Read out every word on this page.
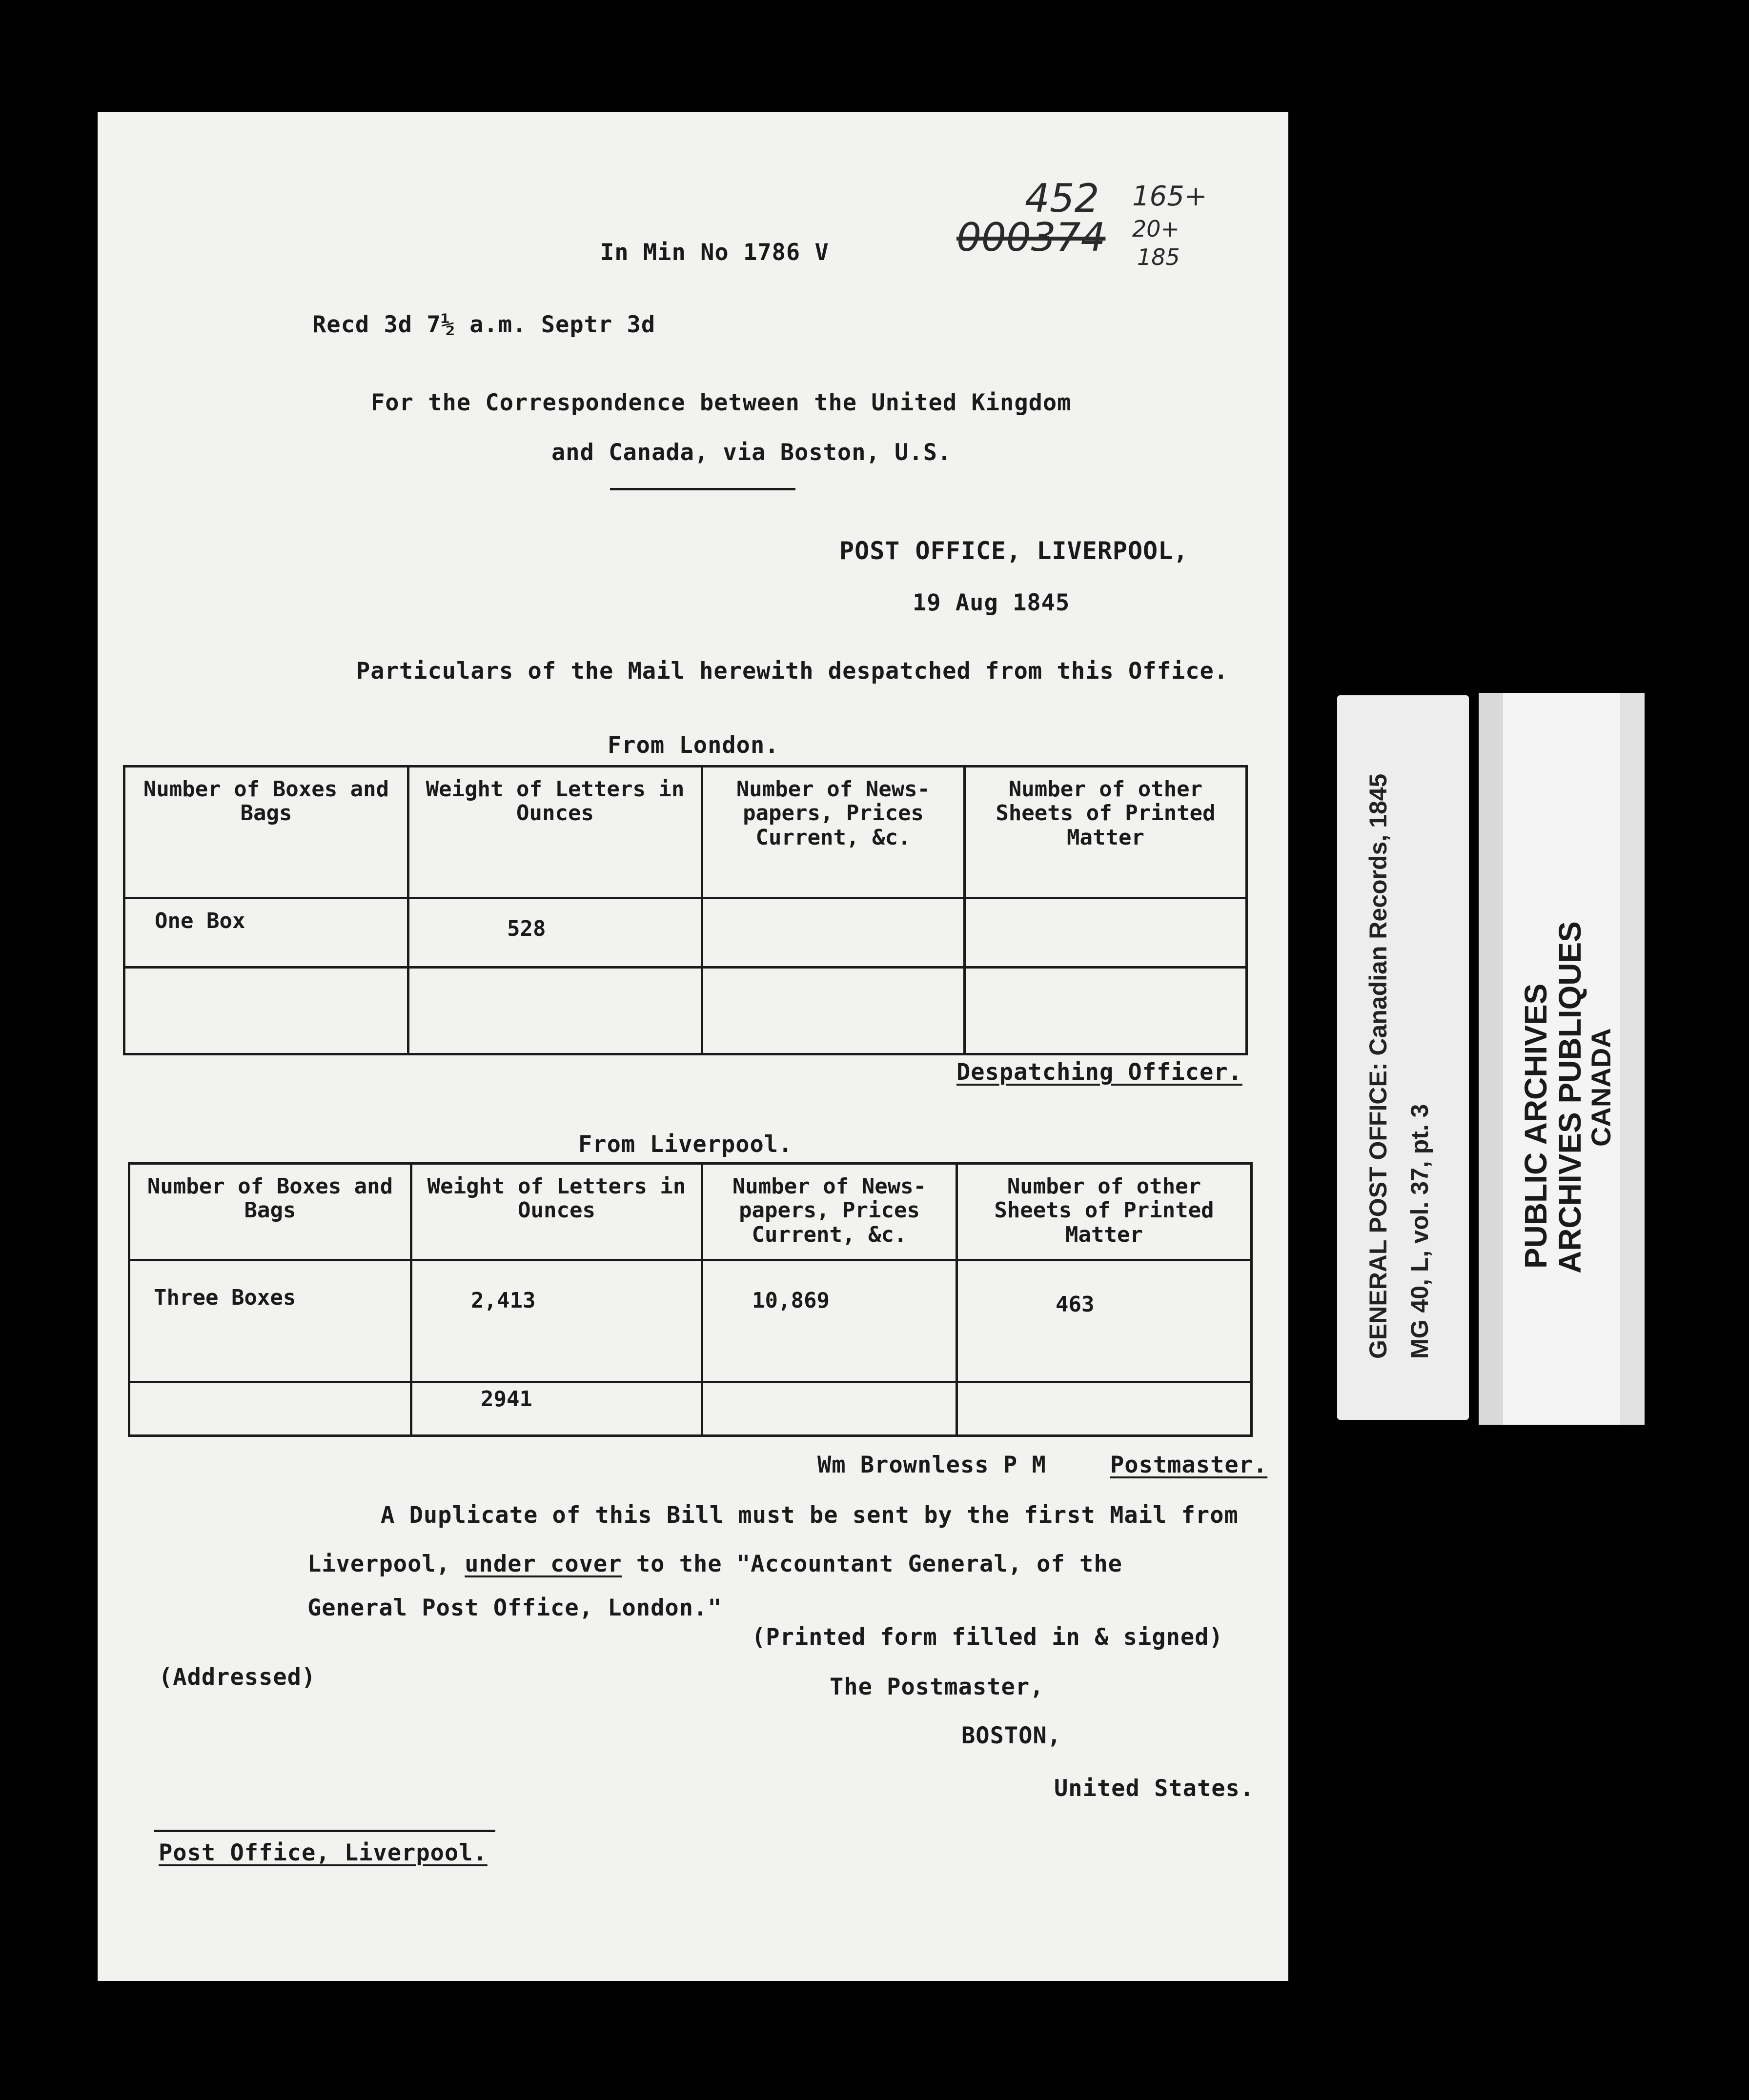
452
000374
165+
20+
185
In Min No 1786 V
Recd 3d 7½ a.m. Septr 3d
For the Correspondence between the United Kingdom
and Canada, via Boston, U.S.
POST OFFICE, LIVERPOOL,
19 Aug 1845
Particulars of the Mail herewith despatched from this Office.
From London.
Number of Boxes and Bags	Weight of Letters in Ounces	Number of News-papers, Prices Current, &c.	Number of other Sheets of Printed Matter
One Box	528		

Despatching Officer.
From Liverpool.
Number of Boxes and Bags	Weight of Letters in Ounces	Number of News-papers, Prices Current, &c.	Number of other Sheets of Printed Matter
Three Boxes	2,413	10,869	463
	2941		
Wm Brownless P M	Postmaster.
A Duplicate of this Bill must be sent by the first Mail from
Liverpool, under cover to the "Accountant General, of the
General Post Office, London."
(Printed form filled in & signed)
(Addressed)	The Postmaster,
BOSTON,
United States.
Post Office, Liverpool.
GENERAL POST OFFICE: Canadian Records, 1845 MG 40, L, vol. 37, pt. 3	PUBLIC ARCHIVES
ARCHIVES PUBLIQUES
CANADA
